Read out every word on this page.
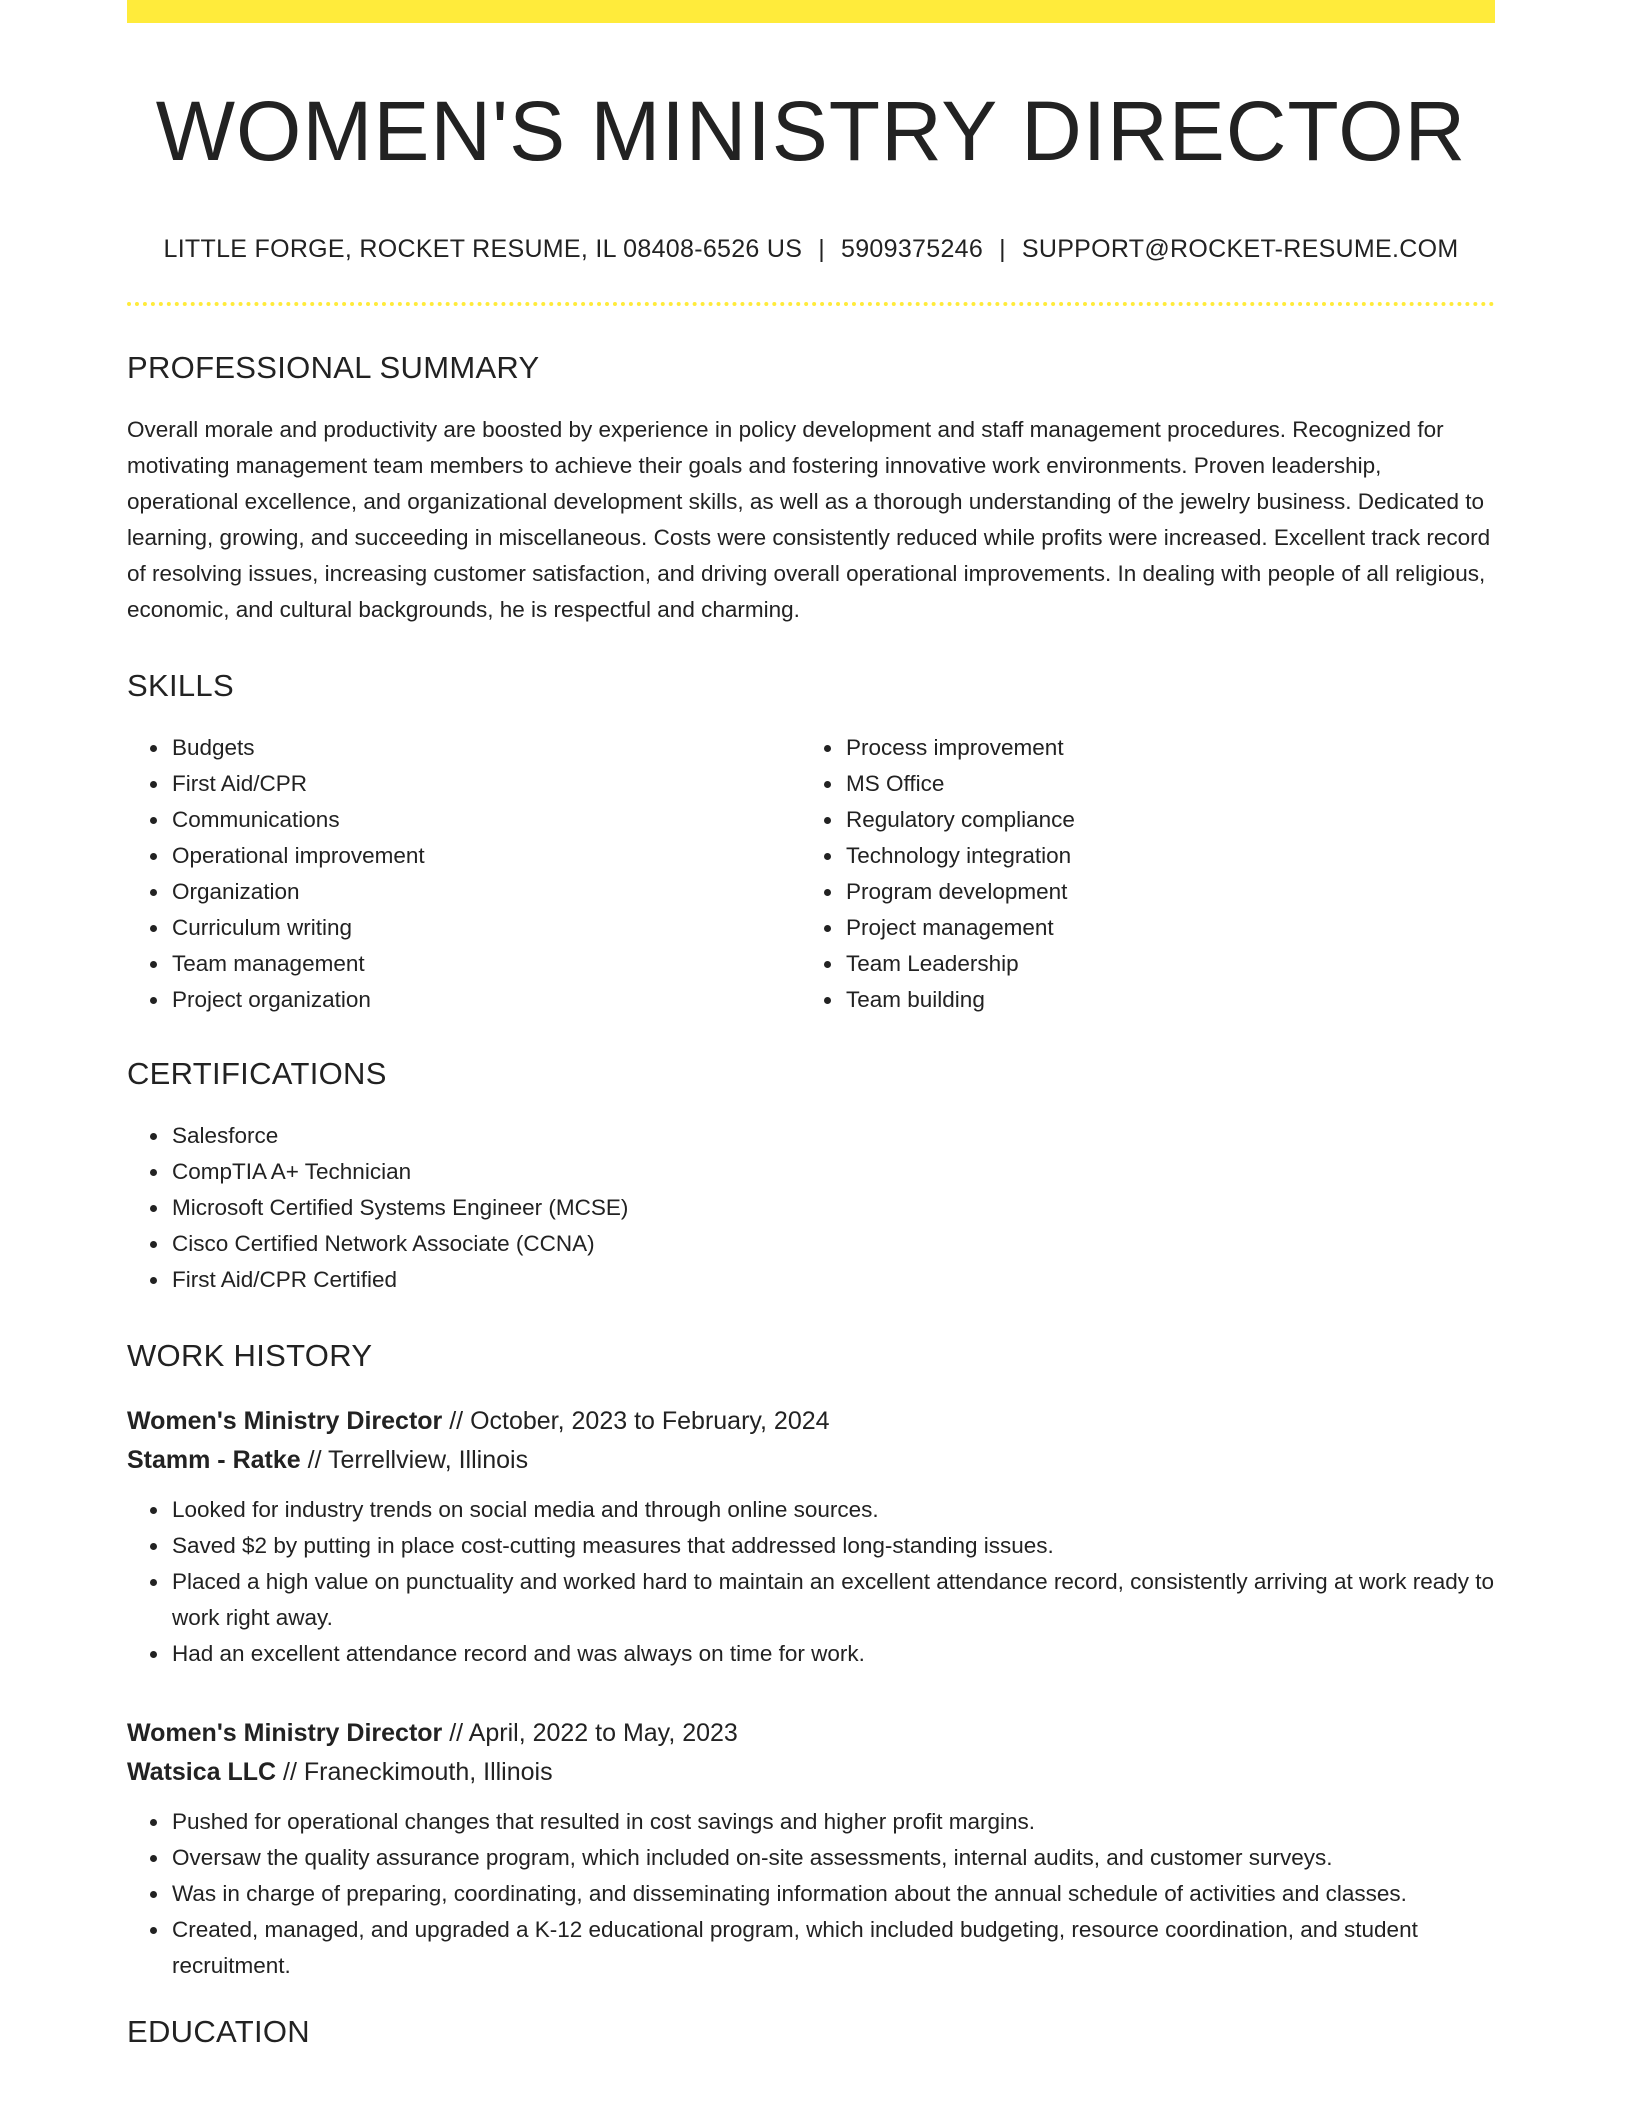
WOMEN'S MINISTRY DIRECTOR
LITTLE FORGE, ROCKET RESUME, IL 08408-6526 US | 5909375246 | SUPPORT@ROCKET-RESUME.COM
PROFESSIONAL SUMMARY
Overall morale and productivity are boosted by experience in policy development and staff management procedures. Recognized for motivating management team members to achieve their goals and fostering innovative work environments. Proven leadership, operational excellence, and organizational development skills, as well as a thorough understanding of the jewelry business. Dedicated to learning, growing, and succeeding in miscellaneous. Costs were consistently reduced while profits were increased. Excellent track record of resolving issues, increasing customer satisfaction, and driving overall operational improvements. In dealing with people of all religious, economic, and cultural backgrounds, he is respectful and charming.
SKILLS
• Budgets
• First Aid/CPR
• Communications
• Operational improvement
• Organization
• Curriculum writing
• Team management
• Project organization
• Process improvement
• MS Office
• Regulatory compliance
• Technology integration
• Program development
• Project management
• Team Leadership
• Team building
CERTIFICATIONS
• Salesforce
• CompTIA A+ Technician
• Microsoft Certified Systems Engineer (MCSE)
• Cisco Certified Network Associate (CCNA)
• First Aid/CPR Certified
WORK HISTORY
Women's Ministry Director // October, 2023 to February, 2024
Stamm - Ratke // Terrellview, Illinois
• Looked for industry trends on social media and through online sources.
• Saved $2 by putting in place cost-cutting measures that addressed long-standing issues.
• Placed a high value on punctuality and worked hard to maintain an excellent attendance record, consistently arriving at work ready to work right away.
• Had an excellent attendance record and was always on time for work.
Women's Ministry Director // April, 2022 to May, 2023
Watsica LLC // Franeckimouth, Illinois
• Pushed for operational changes that resulted in cost savings and higher profit margins.
• Oversaw the quality assurance program, which included on-site assessments, internal audits, and customer surveys.
• Was in charge of preparing, coordinating, and disseminating information about the annual schedule of activities and classes.
• Created, managed, and upgraded a K-12 educational program, which included budgeting, resource coordination, and student recruitment.
EDUCATION
